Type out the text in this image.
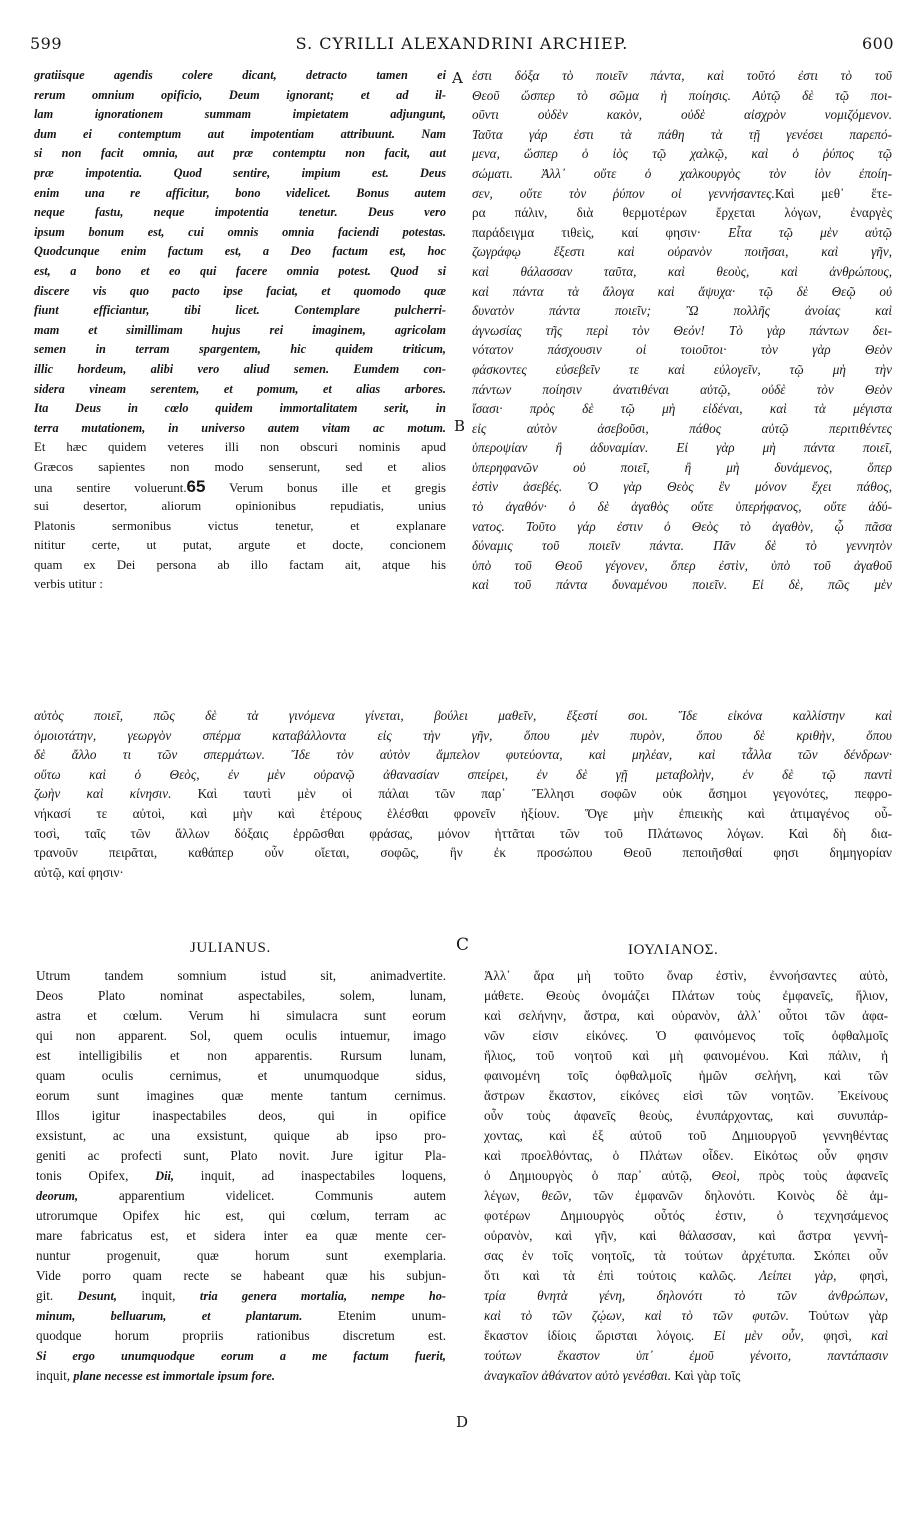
599	S. CYRILLI ALEXANDRINI ARCHIEP.	600
A
B
C
D
gratiisque agendis colere dicant, detracto tamen ei
rerum omnium opificio, Deum ignorant; et ad il-
lam ignorationem summam impietatem adjungunt,
dum ei contemptum aut impotentiam attribuunt. Nam
si non facit omnia, aut præ contemptu non facit, aut
præ impotentia. Quod sentire, impium est. Deus
enim una re afficitur, bono videlicet. Bonus autem
neque fastu, neque impotentia tenetur. Deus vero
ipsum bonum est, cui omnis omnia faciendi potestas.
Quodcunque enim factum est, a Deo factum est, hoc
est, a bono et eo qui facere omnia potest. Quod si
discere vis quo pacto ipse faciat, et quomodo quæ
fiunt efficiantur, tibi licet. Contemplare pulcherri-
mam et simillimam hujus rei imaginem, agricolam
semen in terram spargentem, hic quidem triticum,
illic hordeum, alibi vero aliud semen. Eumdem con-
sidera vineam serentem, et pomum, et alias arbores.
Ita Deus in cœlo quidem immortalitatem serit, in
terra mutationem, in universo autem vitam ac motum.
Et hæc quidem veteres illi non obscuri nominis apud
Græcos sapientes non modo senserunt, sed et alios
una sentire voluerunt.65 Verum bonus ille et gregis
sui desertor, aliorum opinionibus repudiatis, unius
Platonis sermonibus victus tenetur, et explanare
nititur certe, ut putat, argute et docte, concionem
quam ex Dei persona ab illo factam ait, atque his
verbis utitur :
ἐστι δόξα τὸ ποιεῖν πάντα, καὶ τοῦτό ἐστι τὸ τοῦ
Θεοῦ ὥσπερ τὸ σῶμα ἡ ποίησις. Αὐτῷ δὲ τῷ ποι-
οῦντι οὐδὲν κακὸν, οὐδὲ αἰσχρὸν νομιζόμενον.
Ταῦτα γάρ ἐστι τὰ πάθη τὰ τῇ γενέσει παρεπό-
μενα, ὥσπερ ὁ ἰὸς τῷ χαλκῷ, καὶ ὁ ῥύπος τῷ
σώματι. Ἀλλ᾽ οὔτε ὁ χαλκουργὸς τὸν ἰὸν ἐποίη-
σεν, οὔτε τὸν ῥύπον οἱ γεννήσαντες.Καὶ μεθ᾽ ἕτε-
ρα πάλιν, διὰ θερμοτέρων ἔρχεται λόγων, ἐναργὲς
παράδειγμα τιθεὶς, καί φησιν· Εἶτα τῷ μὲν αὐτῷ
ζωγράφῳ ἔξεστι καὶ οὐρανὸν ποιῆσαι, καὶ γῆν,
καὶ θάλασσαν ταῦτα, καὶ θεοὺς, καὶ ἀνθρώπους,
καὶ πάντα τὰ ἄλογα καὶ ἄψυχα· τῷ δὲ Θεῷ οὐ
δυνατὸν πάντα ποιεῖν; Ὢ πολλῆς ἀνοίας καὶ
ἀγνωσίας τῆς περὶ τὸν Θεόν! Τὸ γὰρ πάντων δει-
νότατον πάσχουσιν οἱ τοιοῦτοι· τὸν γὰρ Θεὸν
φάσκοντες εὐσεβεῖν τε καὶ εὐλογεῖν, τῷ μὴ τὴν
πάντων ποίησιν ἀνατιθέναι αὐτῷ, οὐδὲ τὸν Θεὸν
ἴσασι· πρὸς δὲ τῷ μὴ εἰδέναι, καὶ τὰ μέγιστα
εἰς αὐτὸν ἀσεβοῦσι, πάθος αὐτῷ περιτιθέντες
ὑπεροψίαν ἢ ἀδυναμίαν. Εἰ γὰρ μὴ πάντα ποιεῖ,
ὑπερηφανῶν οὐ ποιεῖ, ἢ μὴ δυνάμενος, ὅπερ
ἐστὶν ἀσεβές. Ὁ γὰρ Θεὸς ἓν μόνον ἔχει πάθος,
τὸ ἀγαθόν· ὁ δὲ ἀγαθὸς οὔτε ὑπερήφανος, οὔτε ἀδύ-
νατος. Τοῦτο γάρ ἐστιν ὁ Θεὸς τὸ ἀγαθὸν, ᾧ πᾶσα
δύναμις τοῦ ποιεῖν πάντα. Πᾶν δὲ τὸ γεννητὸν
ὑπὸ τοῦ Θεοῦ γέγονεν, ὅπερ ἐστὶν, ὑπὸ τοῦ ἀγαθοῦ
καὶ τοῦ πάντα δυναμένου ποιεῖν. Εἰ δὲ, πῶς μὲν
αὐτὸς ποιεῖ, πῶς δὲ τὰ γινόμενα γίνεται, βούλει μαθεῖν, ἔξεστί σοι. Ἴδε εἰκόνα καλλίστην καὶ
ὁμοιοτάτην, γεωργὸν σπέρμα καταβάλλοντα εἰς τὴν γῆν, ὅπου μὲν πυρὸν, ὅπου δὲ κριθὴν, ὅπου
δὲ ἄλλο τι τῶν σπερμάτων. Ἴδε τὸν αὐτὸν ἄμπελον φυτεύοντα, καὶ μηλέαν, καὶ τἆλλα τῶν δένδρων·
οὕτω καὶ ὁ Θεὸς, ἐν μὲν οὐρανῷ ἀθανασίαν σπείρει, ἐν δὲ γῇ μεταβολὴν, ἐν δὲ τῷ παντὶ
ζωὴν καὶ κίνησιν. Καὶ ταυτὶ μὲν οἱ πάλαι τῶν παρ᾽ Ἕλλησι σοφῶν οὐκ ἄσημοι γεγονότες, πεφρο-
νήκασί τε αὐτοὶ, καὶ μὴν καὶ ἑτέρους ἑλέσθαι φρονεῖν ἠξίουν. Ὅγε μὴν ἐπιεικὴς καὶ ἀτιμαγένος οὗ-
τοσὶ, ταῖς τῶν ἄλλων δόξαις ἐρρῶσθαι φράσας, μόνον ἡττᾶται τῶν τοῦ Πλάτωνος λόγων. Καὶ δὴ δια-
τρανοῦν πειρᾶται, καθάπερ οὖν οἴεται, σοφῶς, ἣν ἐκ προσώπου Θεοῦ πεποιῆσθαί φησι δημηγορίαν
αὐτῷ, καί φησιν·
JULIANUS.	ΙΟΥΛΙΑΝΟΣ.
Utrum tandem somnium istud sit, animadvertite.
Deos Plato nominat aspectabiles, solem, lunam,
astra et cœlum. Verum hi simulacra sunt eorum
qui non apparent. Sol, quem oculis intuemur, imago
est intelligibilis et non apparentis. Rursum lunam,
quam oculis cernimus, et unumquodque sidus,
eorum sunt imagines quæ mente tantum cernimus.
Illos igitur inaspectabiles deos, qui in opifice
exsistunt, ac una exsistunt, quique ab ipso pro-
geniti ac profecti sunt, Plato novit. Jure igitur Pla-
tonis Opifex, Dii, inquit, ad inaspectabiles loquens,
deorum,	apparentium videlicet. Communis autem
utrorumque Opifex hic est, qui cœlum, terram ac
mare fabricatus est, et sidera inter ea quæ mente cer-
nuntur progenuit, quæ horum sunt exemplaria.
Vide porro quam recte se habeant quæ his subjun-
git. Desunt, inquit, tria genera mortalia, nempe ho-
minum, belluarum, et plantarum.	Etenim unum-
quodque horum propriis rationibus discretum est.
Si ergo unumquodque eorum a me factum fuerit,
inquit, plane necesse est immortale ipsum fore.
Ἀλλ᾽ ἄρα μὴ τοῦτο ὄναρ ἐστὶν, ἐννοήσαντες αὐτὸ,
μάθετε. Θεοὺς ὀνομάζει Πλάτων τοὺς ἐμφανεῖς, ἥλιον,
καὶ σελήνην, ἄστρα, καὶ οὐρανὸν, ἀλλ᾽ οὗτοι τῶν ἀφα-
νῶν εἰσιν εἰκόνες. Ὁ φαινόμενος τοῖς ὀφθαλμοῖς
ἥλιος, τοῦ νοητοῦ καὶ μὴ φαινομένου. Καὶ πάλιν, ἡ
φαινομένη τοῖς ὀφθαλμοῖς ἡμῶν σελήνη, καὶ τῶν
ἄστρων ἕκαστον, εἰκόνες εἰσὶ τῶν νοητῶν. Ἐκείνους
οὖν τοὺς ἀφανεῖς θεοὺς, ἐνυπάρχοντας, καὶ συνυπάρ-
χοντας, καὶ ἐξ αὐτοῦ τοῦ Δημιουργοῦ γεννηθέντας
καὶ προελθόντας, ὁ Πλάτων οἶδεν. Εἰκότως οὖν φησιν
ὁ Δημιουργὸς ὁ παρ᾽ αὐτῷ, Θεοὶ, πρὸς τοὺς ἀφανεῖς
λέγων, θεῶν, τῶν ἐμφανῶν δηλονότι. Κοινὸς δὲ ἀμ-
φοτέρων Δημιουργὸς οὗτός ἐστιν, ὁ τεχνησάμενος
οὐρανὸν, καὶ γῆν, καὶ θάλασσαν, καὶ ἄστρα γεννή-
σας ἐν τοῖς νοητοῖς, τὰ τούτων ἀρχέτυπα. Σκόπει οὖν
ὅτι καὶ τὰ ἐπὶ τούτοις καλῶς. Λείπει γὰρ, φησὶ,
τρία θνητὰ γένη, δηλονότι τὸ τῶν ἀνθρώπων,
καὶ τὸ τῶν ζῴων, καὶ τὸ τῶν φυτῶν. Τούτων γὰρ
ἕκαστον ἰδίοις ὥρισται λόγοις. Εἰ μὲν οὖν, φησὶ, καὶ
τούτων ἕκαστον ὑπ᾽ ἐμοῦ γένοιτο, παντάπασιν
ἀναγκαῖον ἀθάνατον αὐτὸ γενέσθαι. Καὶ γὰρ τοῖς
